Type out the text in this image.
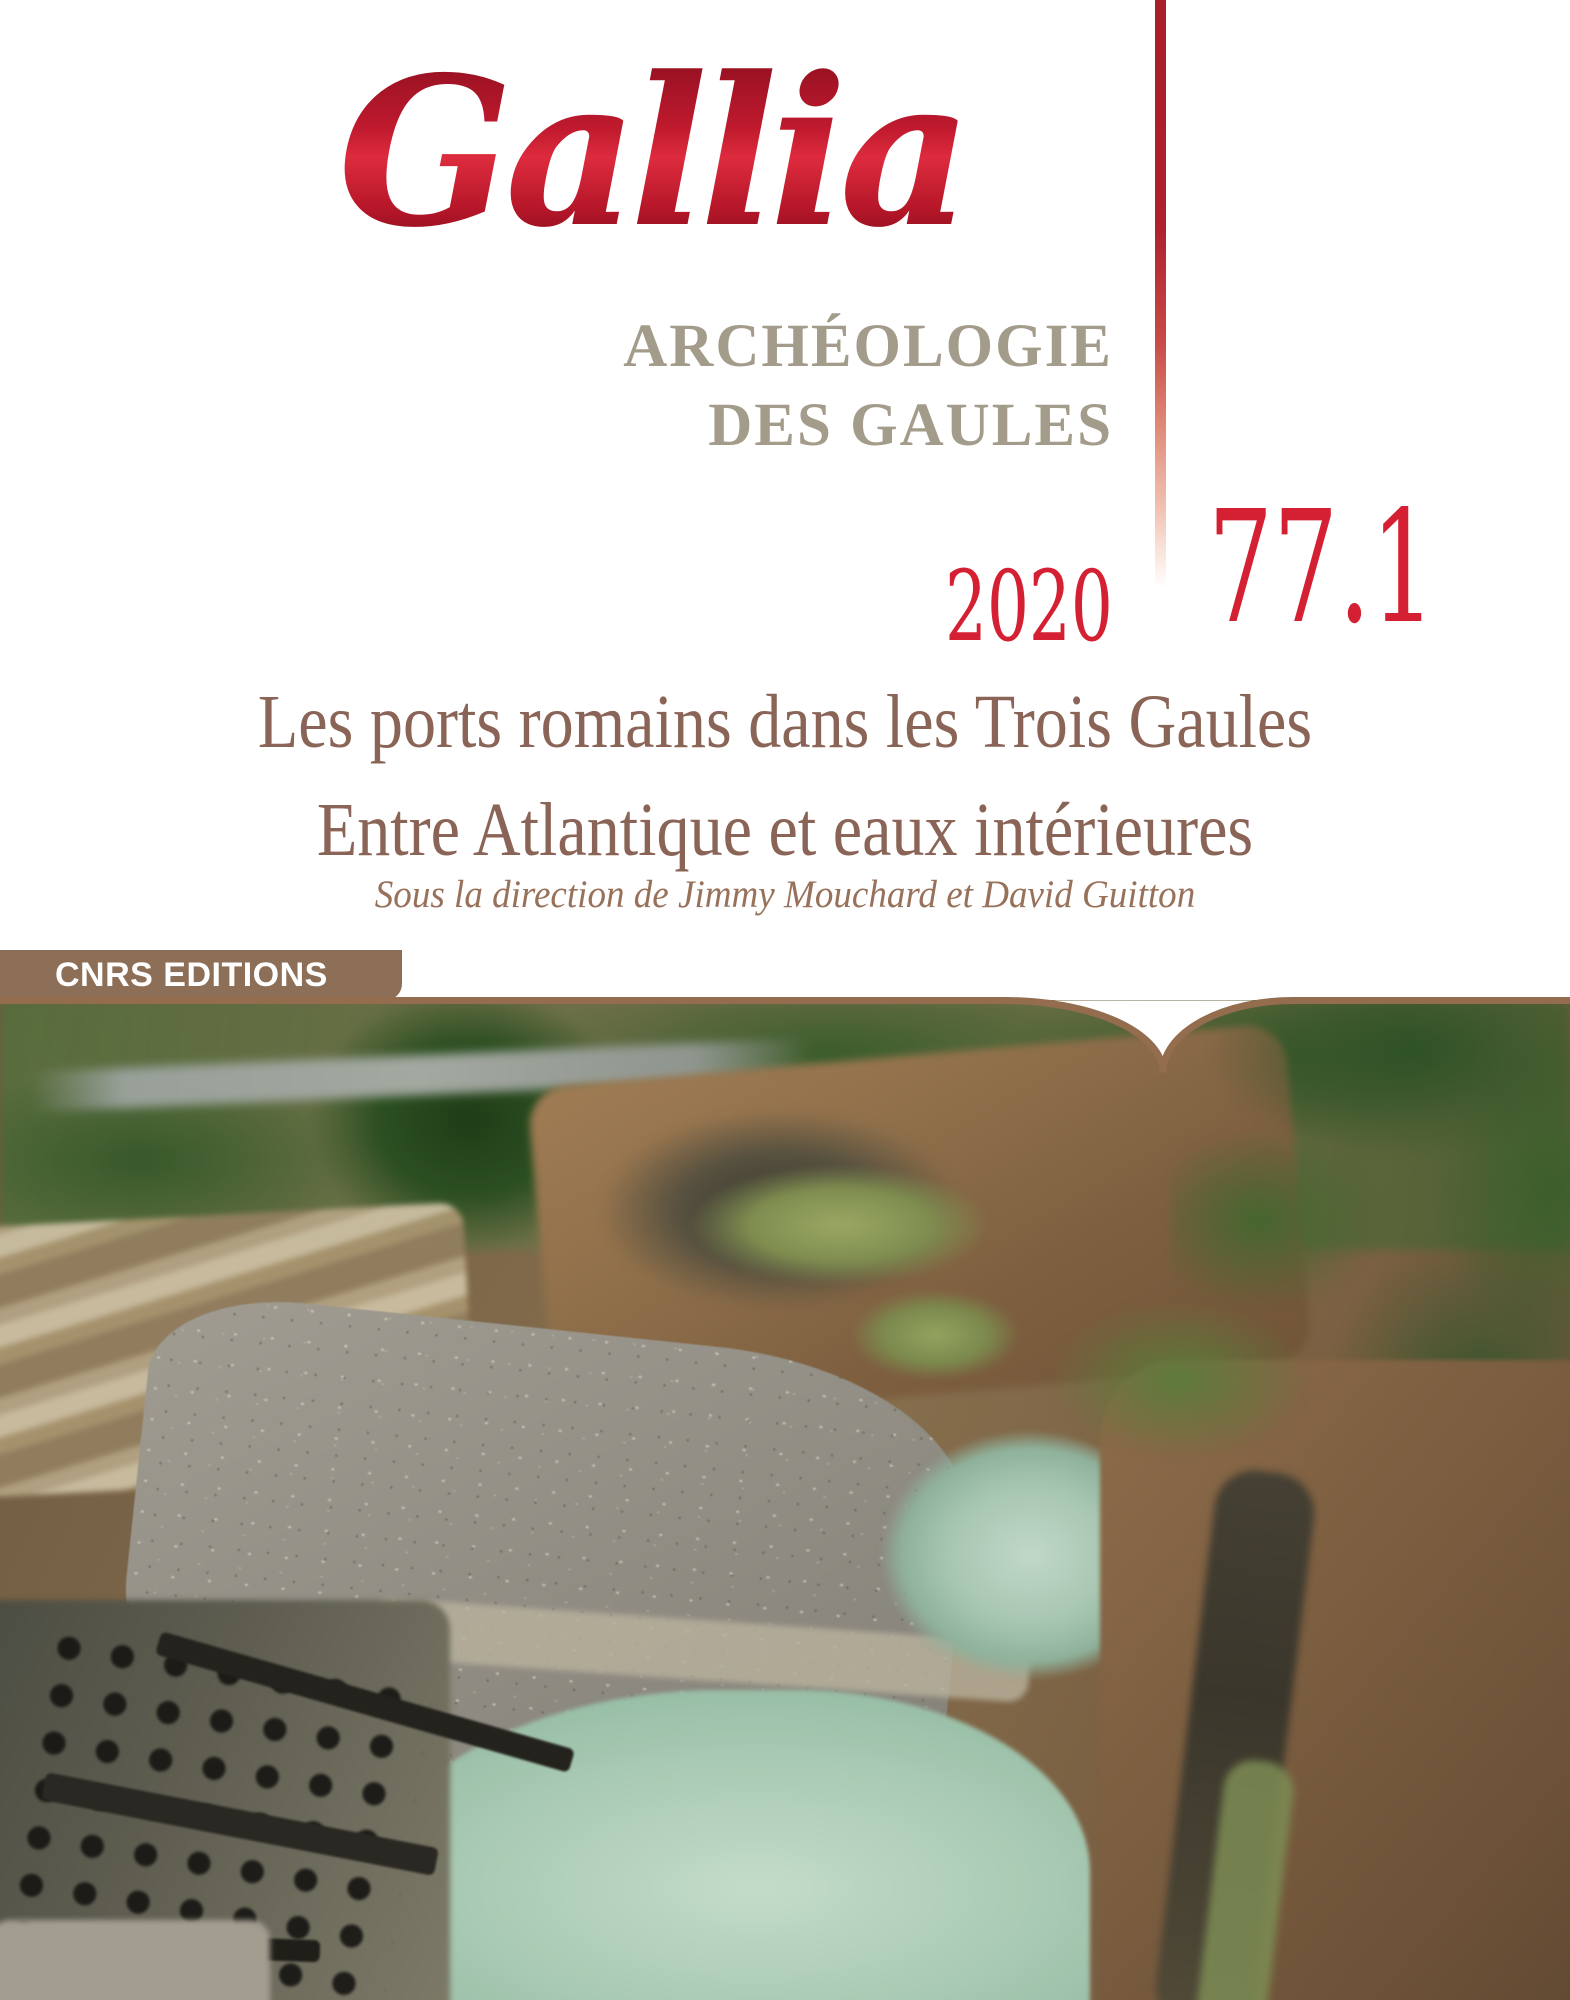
Gallia
ARCHÉOLOGIE
DES GAULES
2020 77.1
Les ports romains dans les Trois Gaules
Entre Atlantique et eaux intérieures
Sous la direction de Jimmy Mouchard et David Guitton
CNRS EDITIONS
